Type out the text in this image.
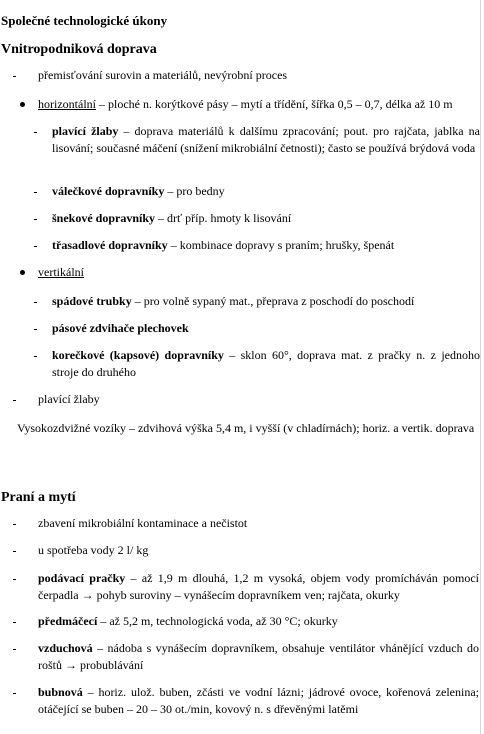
Společné technologické úkony
Vnitropodniková doprava
přemisťování surovin a materiálů, nevýrobní proces
horizontální – ploché n. korýtkové pásy – mytí a třídění, šířka 0,5 – 0,7, délka až 10 m
plavící žlaby – doprava materiálů k dalšímu zpracování; pout. pro rajčata, jablka na lisování; současné máčení (snížení mikrobiální četnosti); často se používá brýdová voda
válečkové dopravníky – pro bedny
šnekové dopravníky – drť příp. hmoty k lisování
třasadlové dopravníky – kombinace dopravy s praním; hrušky, špenát
vertikální
spádové trubky – pro volně sypaný mat., přeprava z poschodí do poschodí
pásové zdvihače plechovek
korečkové (kapsové) dopravníky – sklon 60°, doprava mat. z pračky n. z jednoho stroje do druhého
plavící žlaby
Vysokozdvižné vozíky – zdvihová výška 5,4 m, i vyšší (v chladírnách); horiz. a vertik. doprava
Praní a mytí
zbavení mikrobiální kontaminace a nečistot
u spotřeba vody 2 l/ kg
podávací pračky – až 1,9 m dlouhá, 1,2 m vysoká, objem vody promícháván pomocí čerpadla → pohyb suroviny – vynášecím dopravníkem ven; rajčata, okurky
předmáčecí – až 5,2 m, technologická voda, až 30 °C; okurky
vzduchová – nádoba s vynášecím dopravníkem, obsahuje ventilátor vhánějící vzduch do roštů → probublávání
bubnová – horiz. ulož. buben, zčásti ve vodní lázni; jádrové ovoce, kořenová zelenina; otáčející se buben – 20 – 30 ot./min, kovový n. s dřevěnými latěmi
